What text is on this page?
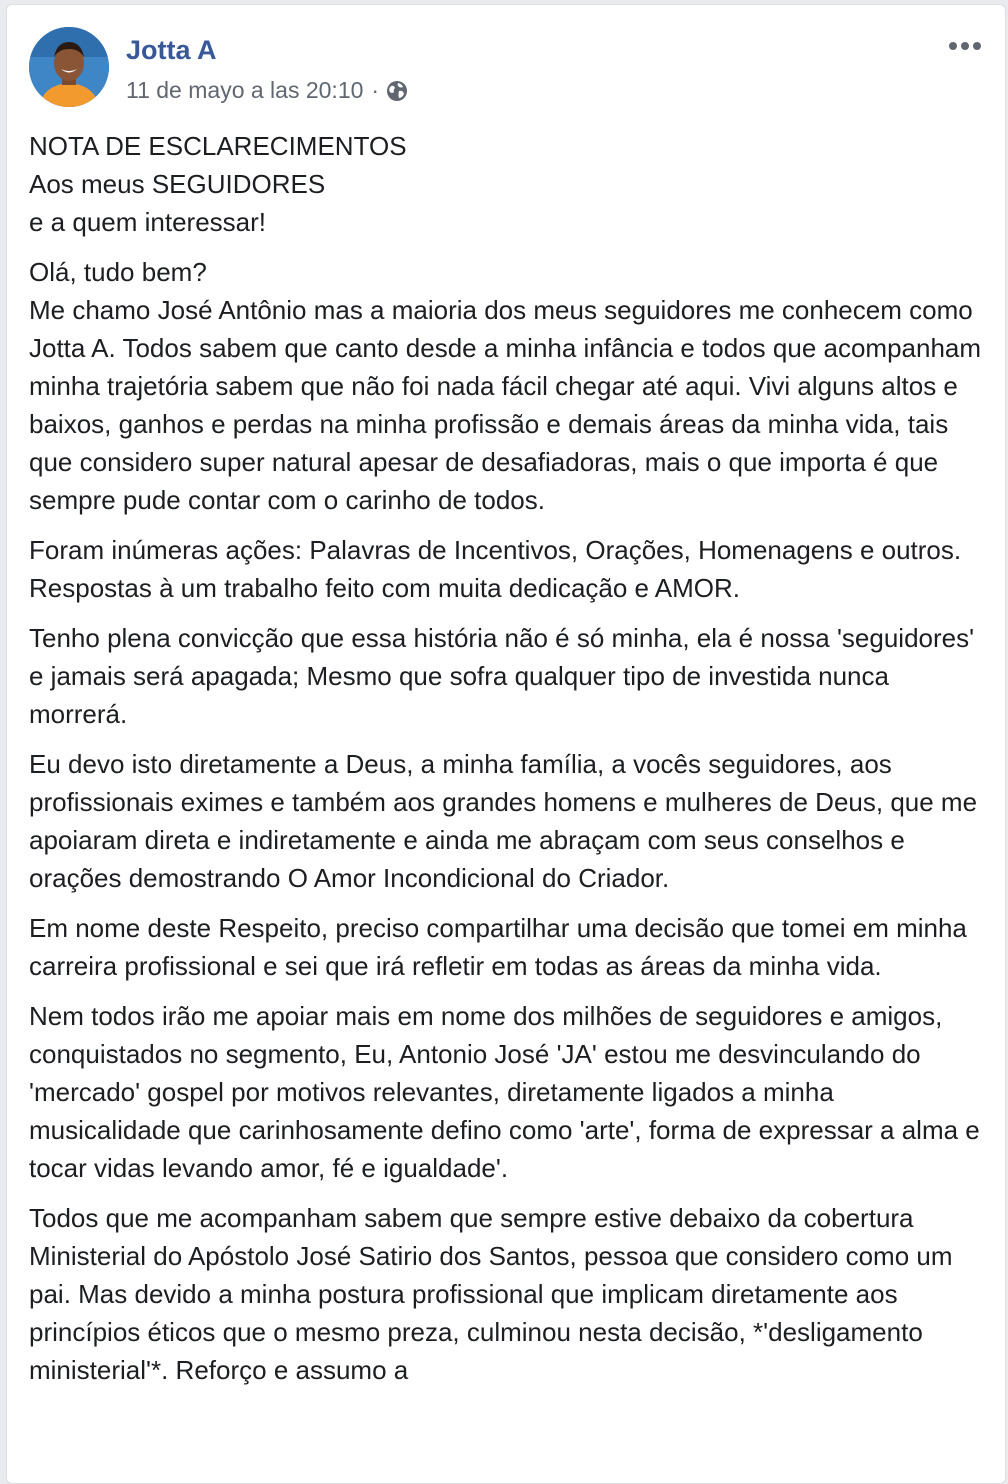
Jotta A
11 de mayo a las 20:10 ·

NOTA DE ESCLARECIMENTOS
Aos meus SEGUIDORES
e a quem interessar!

Olá, tudo bem?
Me chamo José Antônio mas a maioria dos meus seguidores me conhecem como Jotta A. Todos sabem que canto desde a minha infância e todos que acompanham minha trajetória sabem que não foi nada fácil chegar até aqui. Vivi alguns altos e baixos, ganhos e perdas na minha profissão e demais áreas da minha vida, tais que considero super natural apesar de desafiadoras, mais o que importa é que sempre pude contar com o carinho de todos.

Foram inúmeras ações: Palavras de Incentivos, Orações, Homenagens e outros. Respostas à um trabalho feito com muita dedicação e AMOR.

Tenho plena convicção que essa história não é só minha, ela é nossa 'seguidores' e jamais será apagada; Mesmo que sofra qualquer tipo de investida nunca morrerá.

Eu devo isto diretamente a Deus, a minha família, a vocês seguidores, aos profissionais eximes e também aos grandes homens e mulheres de Deus, que me apoiaram direta e indiretamente e ainda me abraçam com seus conselhos e orações demostrando O Amor Incondicional do Criador.

Em nome deste Respeito, preciso compartilhar uma decisão que tomei em minha carreira profissional e sei que irá refletir em todas as áreas da minha vida.

Nem todos irão me apoiar mais em nome dos milhões de seguidores e amigos, conquistados no segmento, Eu, Antonio José 'JA' estou me desvinculando do 'mercado' gospel por motivos relevantes, diretamente ligados a minha musicalidade que carinhosamente defino como 'arte', forma de expressar a alma e tocar vidas levando amor, fé e igualdade'.

Todos que me acompanham sabem que sempre estive debaixo da cobertura Ministerial do Apóstolo José Satirio dos Santos, pessoa que considero como um pai. Mas devido a minha postura profissional que implicam diretamente aos princípios éticos que o mesmo preza, culminou nesta decisão, *'desligamento ministerial'*. Reforço e assumo a
